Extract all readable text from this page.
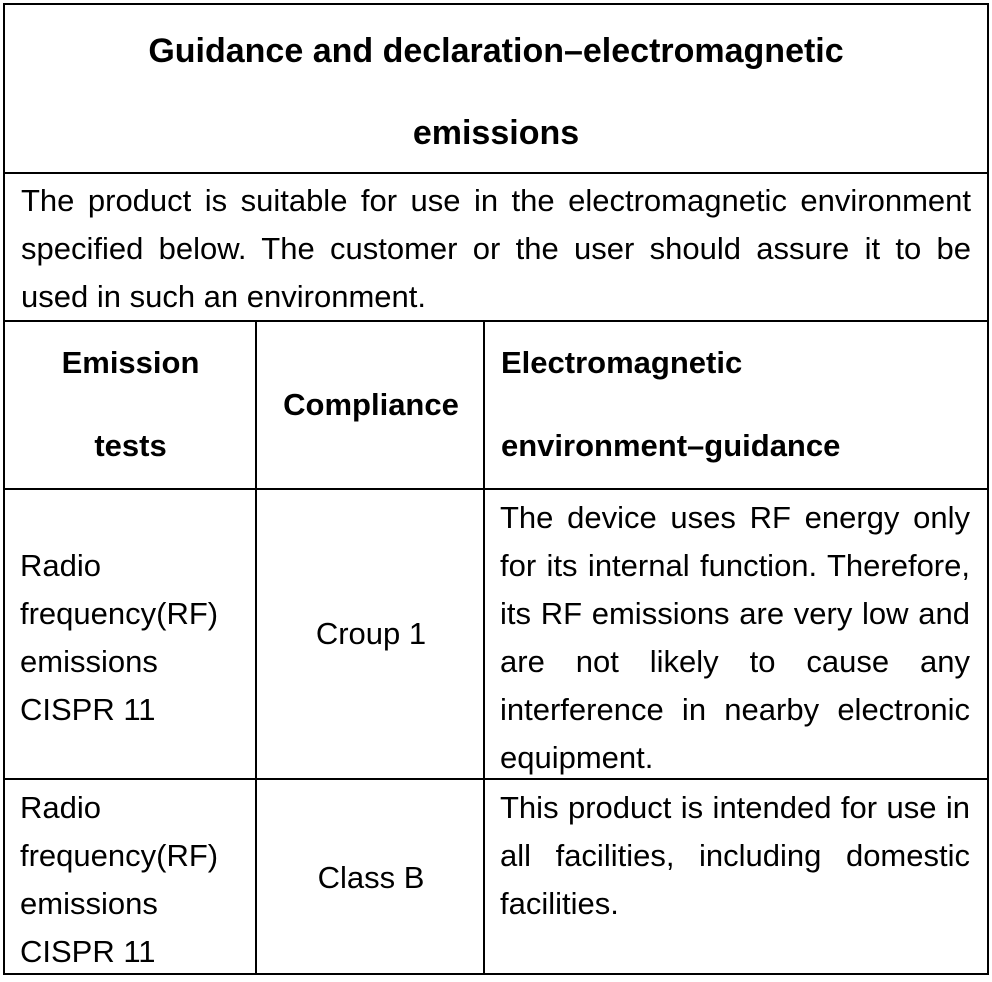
Guidance and declaration–electromagnetic
emissions
The product is suitable for use in the electromagnetic environment specified below. The customer or the user should assure it to be used in such an environment.
Emission
tests
Compliance
Electromagnetic
environment–guidance
Radio
frequency(RF)
emissions
CISPR 11
Croup 1
The device uses RF energy only for its internal function. Therefore, its RF emissions are very low and are not likely to cause any interference in nearby electronic equipment.
Radio
frequency(RF)
emissions
CISPR 11
Class B
This product is intended for use in all facilities, including domestic facilities.
